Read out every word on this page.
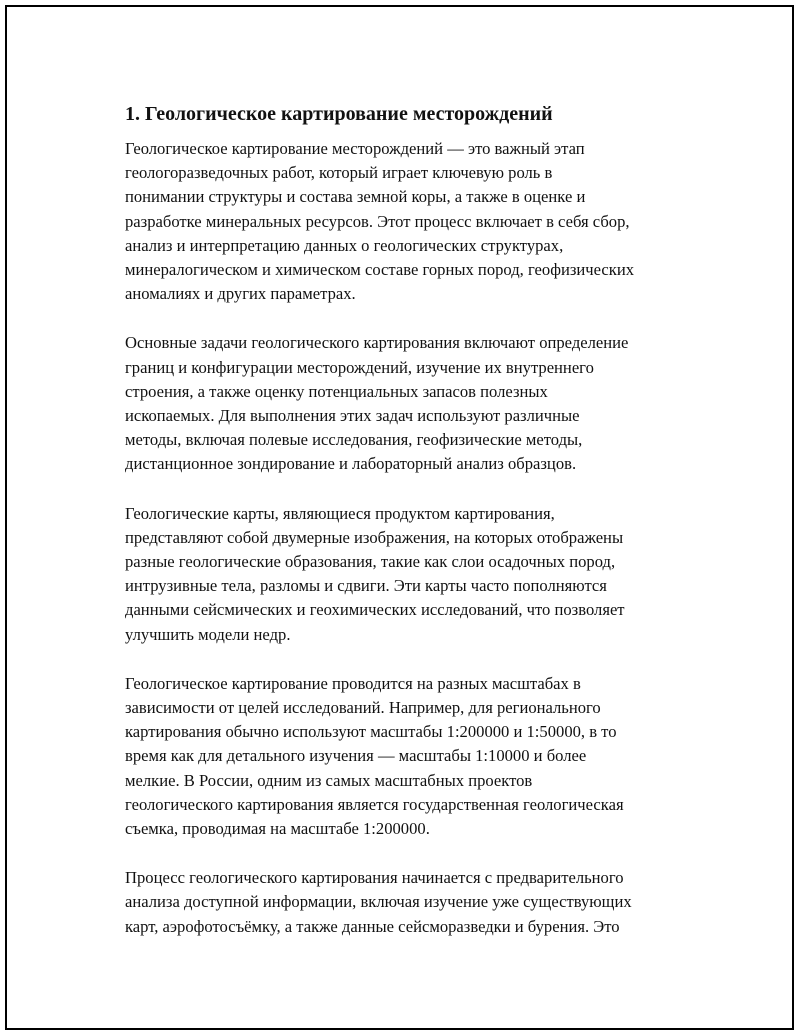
1. Геологическое картирование месторождений

Геологическое картирование месторождений — это важный этап
геологоразведочных работ, который играет ключевую роль в
понимании структуры и состава земной коры, а также в оценке и
разработке минеральных ресурсов. Этот процесс включает в себя сбор,
анализ и интерпретацию данных о геологических структурах,
минералогическом и химическом составе горных пород, геофизических
аномалиях и других параметрах.

Основные задачи геологического картирования включают определение
границ и конфигурации месторождений, изучение их внутреннего
строения, а также оценку потенциальных запасов полезных
ископаемых. Для выполнения этих задач используют различные
методы, включая полевые исследования, геофизические методы,
дистанционное зондирование и лабораторный анализ образцов.

Геологические карты, являющиеся продуктом картирования,
представляют собой двумерные изображения, на которых отображены
разные геологические образования, такие как слои осадочных пород,
интрузивные тела, разломы и сдвиги. Эти карты часто пополняются
данными сейсмических и геохимических исследований, что позволяет
улучшить модели недр.

Геологическое картирование проводится на разных масштабах в
зависимости от целей исследований. Например, для регионального
картирования обычно используют масштабы 1:200000 и 1:50000, в то
время как для детального изучения — масштабы 1:10000 и более
мелкие. В России, одним из самых масштабных проектов
геологического картирования является государственная геологическая
съемка, проводимая на масштабе 1:200000.

Процесс геологического картирования начинается с предварительного
анализа доступной информации, включая изучение уже существующих
карт, аэрофотосъёмку, а также данные сейсморазведки и бурения. Это
